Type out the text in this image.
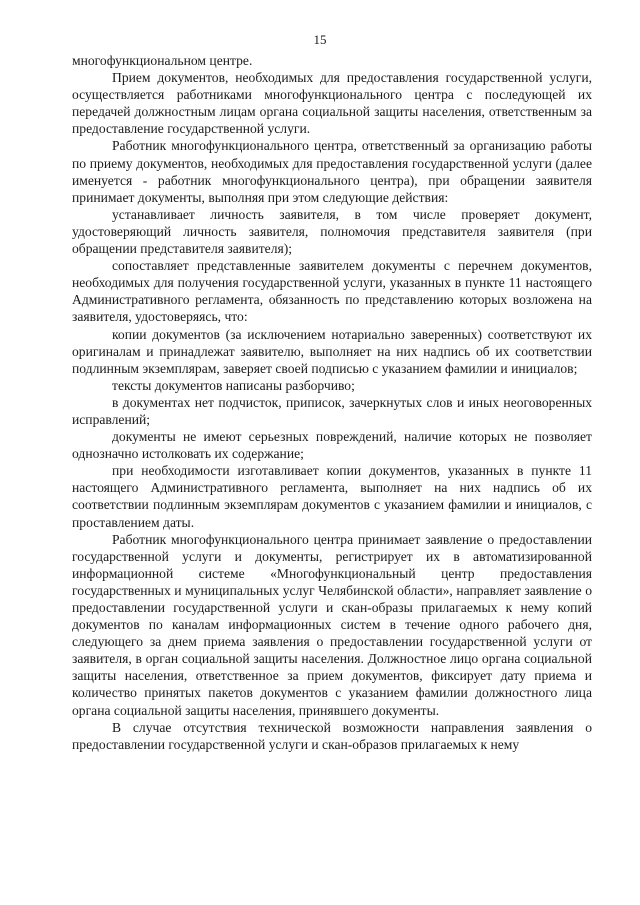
15

многофункциональном центре.

Прием документов, необходимых для предоставления государственной услуги, осуществляется работниками многофункционального центра с последующей их передачей должностным лицам органа социальной защиты населения, ответственным за предоставление государственной услуги.

Работник многофункционального центра, ответственный за организацию работы по приему документов, необходимых для предоставления государственной услуги (далее именуется - работник многофункционального центра), при обращении заявителя принимает документы, выполняя при этом следующие действия:

устанавливает личность заявителя, в том числе проверяет документ, удостоверяющий личность заявителя, полномочия представителя заявителя (при обращении представителя заявителя);

сопоставляет представленные заявителем документы с перечнем документов, необходимых для получения государственной услуги, указанных в пункте 11 настоящего Административного регламента, обязанность по представлению которых возложена на заявителя, удостоверяясь, что:

копии документов (за исключением нотариально заверенных) соответствуют их оригиналам и принадлежат заявителю, выполняет на них надпись об их соответствии подлинным экземплярам, заверяет своей подписью с указанием фамилии и инициалов;

тексты документов написаны разборчиво;

в документах нет подчисток, приписок, зачеркнутых слов и иных неоговоренных исправлений;

документы не имеют серьезных повреждений, наличие которых не позволяет однозначно истолковать их содержание;

при необходимости изготавливает копии документов, указанных в пункте 11 настоящего Административного регламента, выполняет на них надпись об их соответствии подлинным экземплярам документов с указанием фамилии и инициалов, с проставлением даты.

Работник многофункционального центра принимает заявление о предоставлении государственной услуги и документы, регистрирует их в автоматизированной информационной системе «Многофункциональный центр предоставления государственных и муниципальных услуг Челябинской области», направляет заявление о предоставлении государственной услуги и скан-образы прилагаемых к нему копий документов по каналам информационных систем в течение одного рабочего дня, следующего за днем приема заявления о предоставлении государственной услуги от заявителя, в орган социальной защиты населения. Должностное лицо органа социальной защиты населения, ответственное за прием документов, фиксирует дату приема и количество принятых пакетов документов с указанием фамилии должностного лица органа социальной защиты населения, принявшего документы.

В случае отсутствия технической возможности направления заявления о предоставлении государственной услуги и скан-образов прилагаемых к нему
